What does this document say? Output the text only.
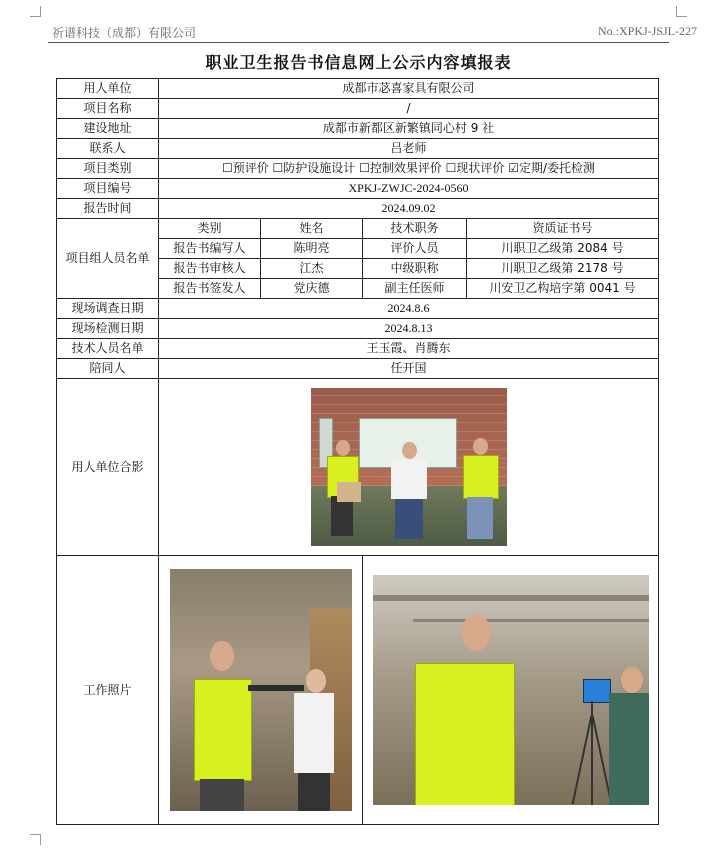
祈谱科技（成都）有限公司	No.:XPKJ-JSJL-227
职业卫生报告书信息网上公示内容填报表
用人单位	成都市苾喜家具有限公司			
项目名称	/			
建设地址	成都市新都区新繁镇同心村 9 社			
联系人	吕老师			
项目类别	☐预评价 ☐防护设施设计 ☐控制效果评价 ☐现状评价 ☑定期/委托检测			
项目编号	XPKJ-ZWJC-2024-0560			
报告时间	2024.09.02			
项目组人员名单	类别	姓名	技术职务	资质证书号
	报告书编写人	陈明亮	评价人员	川职卫乙级第 2084 号
	报告书审核人	江杰	中级职称	川职卫乙级第 2178 号
	报告书签发人	党庆德	副主任医师	川安卫乙构培字第 0041 号
现场调查日期	2024.8.6			
现场检测日期	2024.8.13			
技术人员名单	王玉霞、肖腾东			
陪同人	任开国			
用人单位合影				

工作照片			
